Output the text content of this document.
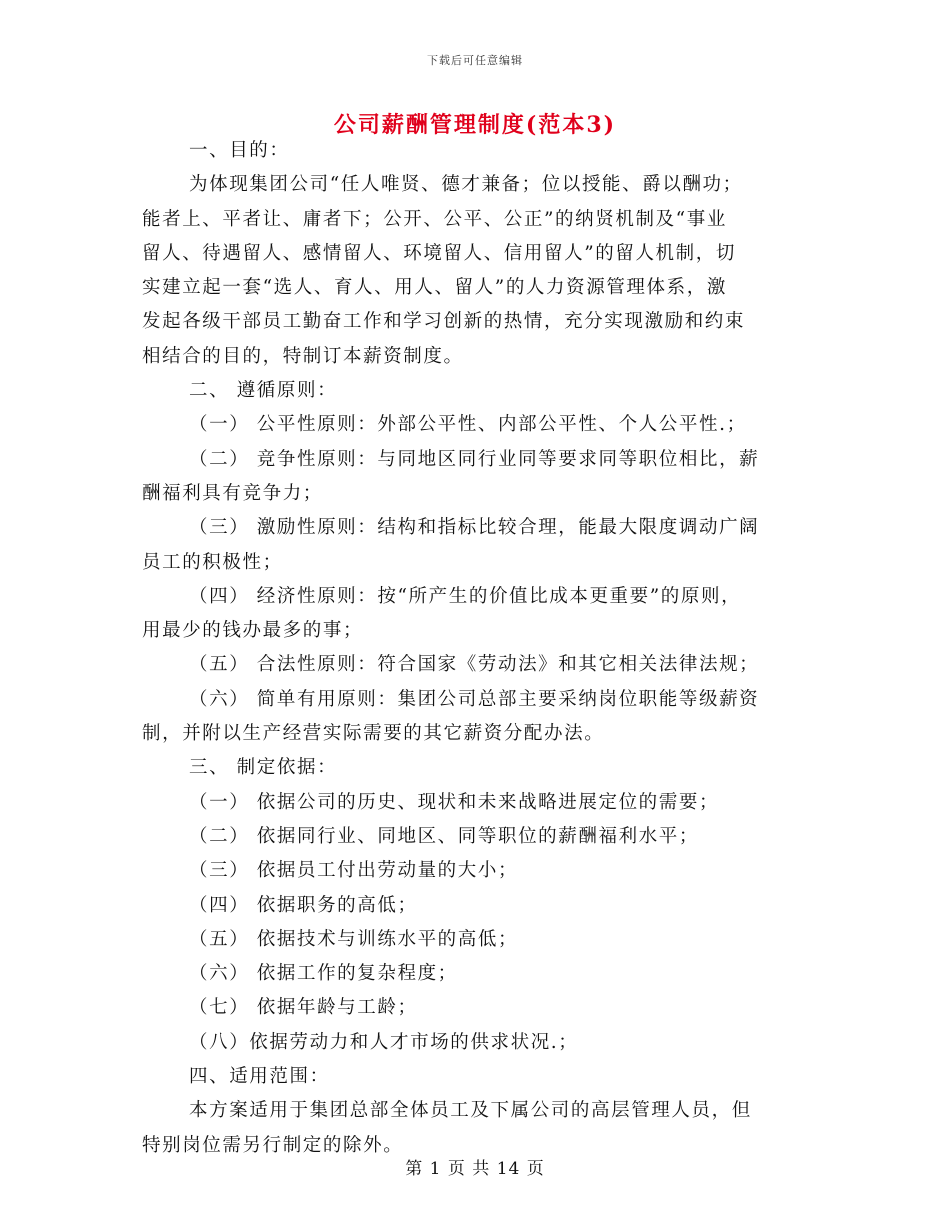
下载后可任意编辑
公司薪酬管理制度(范本3)
一、目的：
为体现集团公司“任人唯贤、德才兼备；位以授能、爵以酬功；
能者上、平者让、庸者下；公开、公平、公正”的纳贤机制及“事业
留人、待遇留人、感情留人、环境留人、信用留人”的留人机制，切
实建立起一套“选人、育人、用人、留人”的人力资源管理体系，激
发起各级干部员工勤奋工作和学习创新的热情，充分实现激励和约束
相结合的目的，特制订本薪资制度。
二、 遵循原则：
（一） 公平性原则：外部公平性、内部公平性、个人公平性.；
（二） 竞争性原则：与同地区同行业同等要求同等职位相比，薪
酬福利具有竞争力；
（三） 激励性原则：结构和指标比较合理，能最大限度调动广阔
员工的积极性；
（四） 经济性原则：按“所产生的价值比成本更重要”的原则，
用最少的钱办最多的事；
（五） 合法性原则：符合国家《劳动法》和其它相关法律法规；
（六） 简单有用原则：集团公司总部主要采纳岗位职能等级薪资
制，并附以生产经营实际需要的其它薪资分配办法。
三、 制定依据：
（一） 依据公司的历史、现状和未来战略进展定位的需要；
（二） 依据同行业、同地区、同等职位的薪酬福利水平；
（三） 依据员工付出劳动量的大小；
（四） 依据职务的高低；
（五） 依据技术与训练水平的高低；
（六） 依据工作的复杂程度；
（七） 依据年龄与工龄；
（八）依据劳动力和人才市场的供求状况.；
四、适用范围：
本方案适用于集团总部全体员工及下属公司的高层管理人员，但
特别岗位需另行制定的除外。
第 1 页 共 14 页
